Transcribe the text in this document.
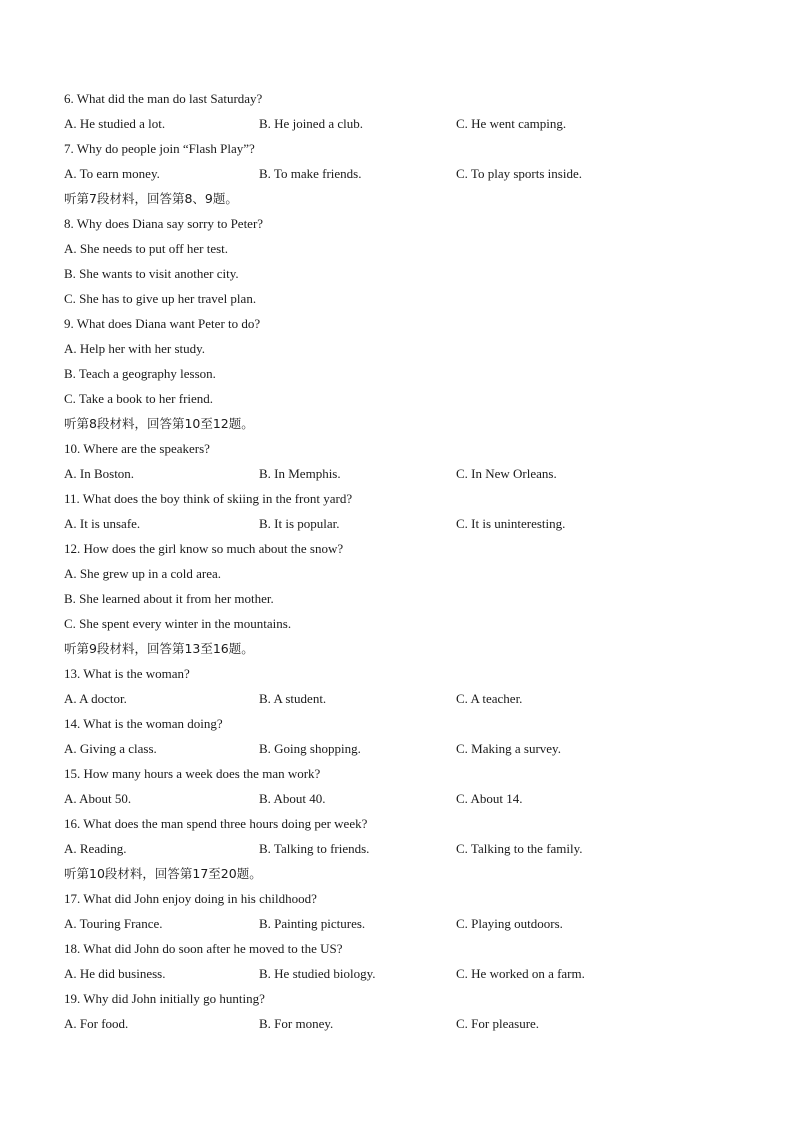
6. What did the man do last Saturday?
A. He studied a lot.	B. He joined a club.	C. He went camping.
7. Why do people join “Flash Play”?
A. To earn money.	B. To make friends.	C. To play sports inside.
听第7段材料，回答第8、9题。
8. Why does Diana say sorry to Peter?
A. She needs to put off her test.
B. She wants to visit another city.
C. She has to give up her travel plan.
9. What does Diana want Peter to do?
A. Help her with her study.
B. Teach a geography lesson.
C. Take a book to her friend.
听第8段材料，回答第10至12题。
10. Where are the speakers?
A. In Boston.	B. In Memphis.	C. In New Orleans.
11. What does the boy think of skiing in the front yard?
A. It is unsafe.	B. It is popular.	C. It is uninteresting.
12. How does the girl know so much about the snow?
A. She grew up in a cold area.
B. She learned about it from her mother.
C. She spent every winter in the mountains.
听第9段材料，回答第13至16题。
13. What is the woman?
A. A doctor.	B. A student.	C. A teacher.
14. What is the woman doing?
A. Giving a class.	B. Going shopping.	C. Making a survey.
15. How many hours a week does the man work?
A. About 50.	B. About 40.	C. About 14.
16. What does the man spend three hours doing per week?
A. Reading.	B. Talking to friends.	C. Talking to the family.
听第10段材料，回答第17至20题。
17. What did John enjoy doing in his childhood?
A. Touring France.	B. Painting pictures.	C. Playing outdoors.
18. What did John do soon after he moved to the US?
A. He did business.	B. He studied biology.	C. He worked on a farm.
19. Why did John initially go hunting?
A. For food.	B. For money.	C. For pleasure.
